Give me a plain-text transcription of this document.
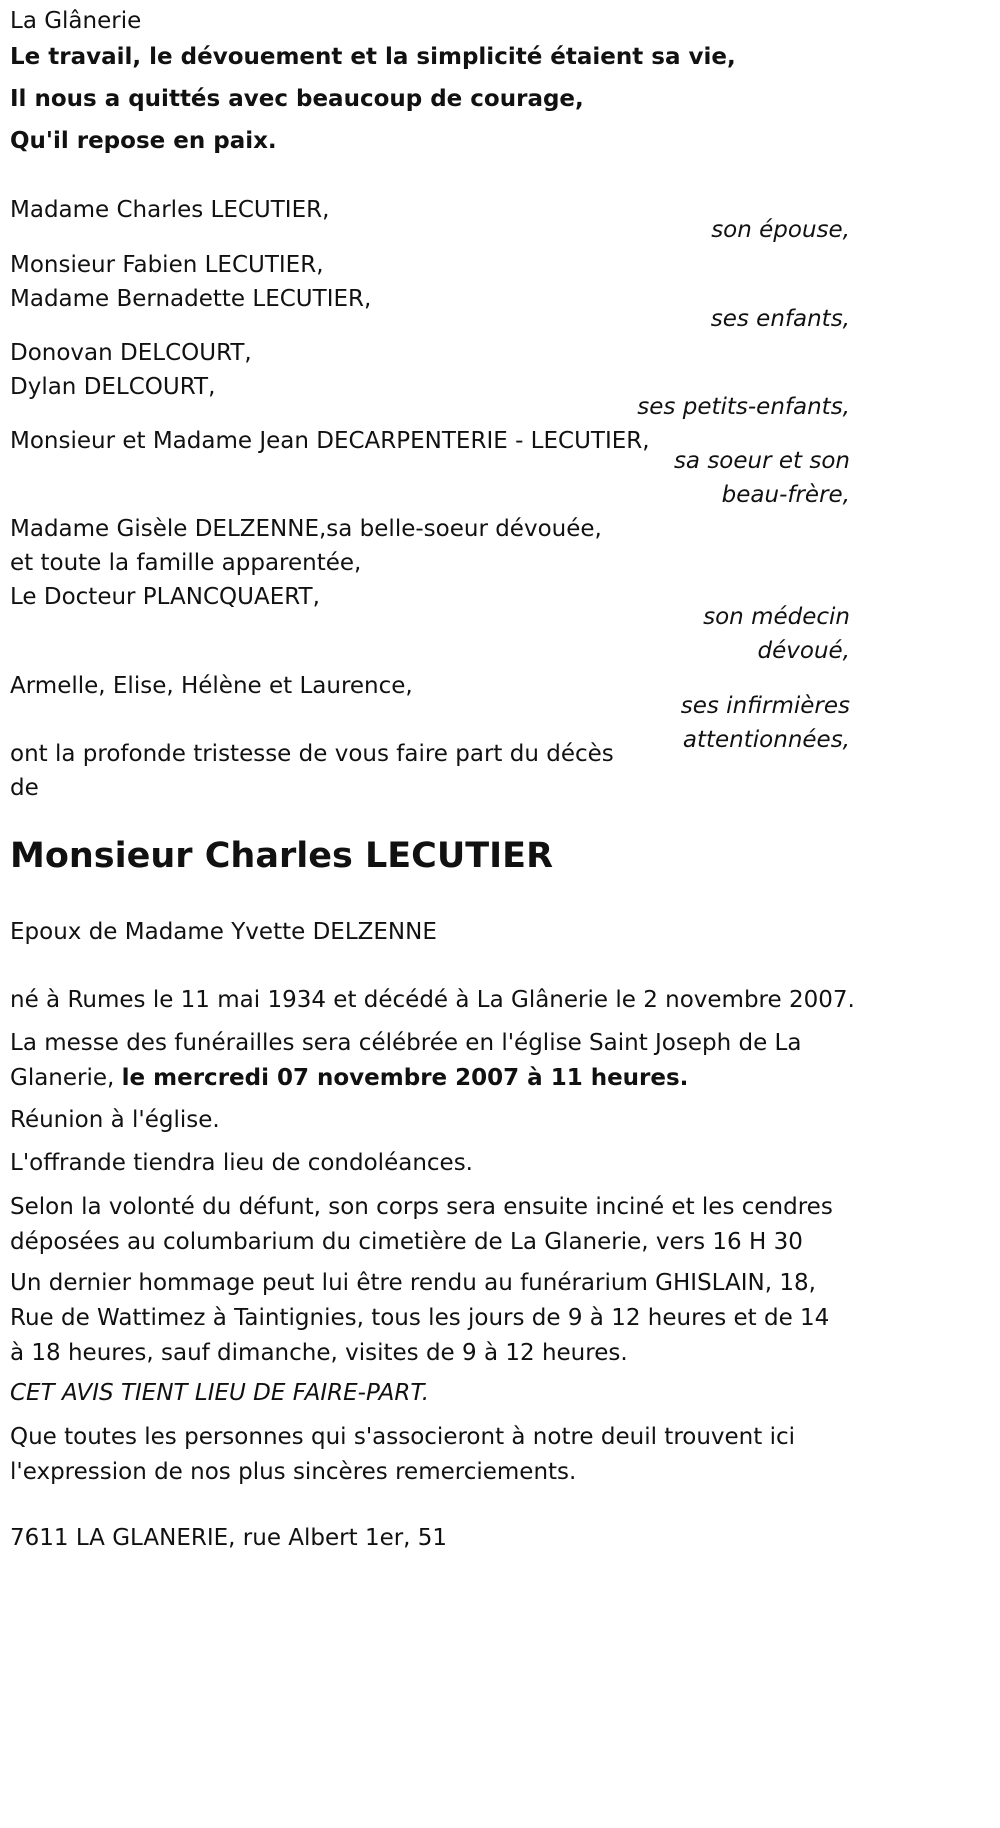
La Glânerie
Le travail, le dévouement et la simplicité étaient sa vie,
Il nous a quittés avec beaucoup de courage,
Qu'il repose en paix.
Madame Charles LECUTIER,
son épouse,
Monsieur Fabien LECUTIER,
Madame Bernadette LECUTIER,
ses enfants,
Donovan DELCOURT,
Dylan DELCOURT,
ses petits-enfants,
Monsieur et Madame Jean DECARPENTERIE - LECUTIER,
sa soeur et son
beau-frère,
Madame Gisèle DELZENNE,sa belle-soeur dévouée,
et toute la famille apparentée,
Le Docteur PLANCQUAERT,
son médecin
dévoué,
Armelle, Elise, Hélène et Laurence,
ses infirmières
attentionnées,
ont la profonde tristesse de vous faire part du décès
de
Monsieur Charles LECUTIER
Epoux de Madame Yvette DELZENNE
né à Rumes le 11 mai 1934 et décédé à La Glânerie le 2 novembre 2007.
La messe des funérailles sera célébrée en l'église Saint Joseph de La Glanerie, le mercredi 07 novembre 2007 à 11 heures.
Réunion à l'église.
L'offrande tiendra lieu de condoléances.
Selon la volonté du défunt, son corps sera ensuite inciné et les cendres déposées au columbarium du cimetière de La Glanerie, vers 16 H 30
Un dernier hommage peut lui être rendu au funérarium GHISLAIN, 18, Rue de Wattimez à Taintignies, tous les jours de 9 à 12 heures et de 14 à 18 heures, sauf dimanche, visites de 9 à 12 heures.
CET AVIS TIENT LIEU DE FAIRE-PART.
Que toutes les personnes qui s'associeront à notre deuil trouvent ici l'expression de nos plus sincères remerciements.
7611 LA GLANERIE, rue Albert 1er, 51
